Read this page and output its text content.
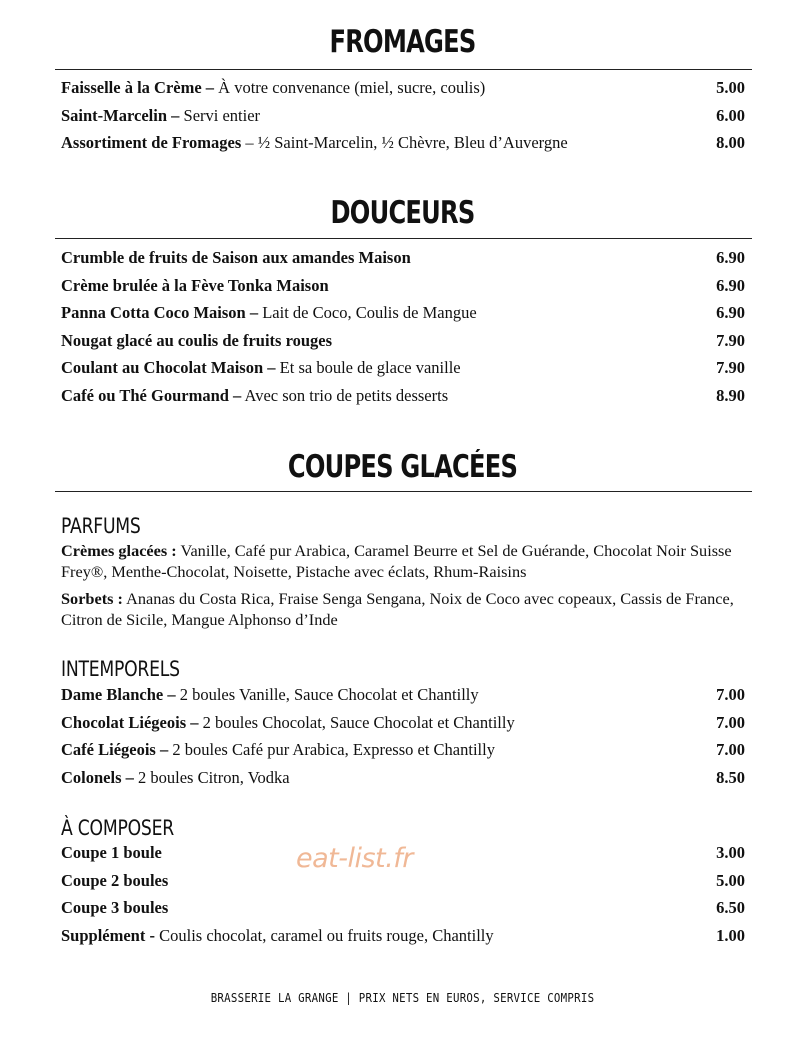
FROMAGES
Faisselle à la Crème – À votre convenance (miel, sucre, coulis)	5.00
Saint-Marcelin – Servi entier	6.00
Assortiment de Fromages – ½ Saint-Marcelin, ½ Chèvre, Bleu d’Auvergne	8.00
DOUCEURS
Crumble de fruits de Saison aux amandes Maison	6.90
Crème brulée à la Fève Tonka Maison	6.90
Panna Cotta Coco Maison – Lait de Coco, Coulis de Mangue	6.90
Nougat glacé au coulis de fruits rouges	7.90
Coulant au Chocolat Maison – Et sa boule de glace vanille	7.90
Café ou Thé Gourmand – Avec son trio de petits desserts	8.90
COUPES GLACÉES
PARFUMS

Crèmes glacées : Vanille, Café pur Arabica, Caramel Beurre et Sel de Guérande, Chocolat Noir Suisse Frey®, Menthe-Chocolat, Noisette, Pistache avec éclats, Rhum-Raisins

Sorbets : Ananas du Costa Rica, Fraise Senga Sengana, Noix de Coco avec copeaux, Cassis de France, Citron de Sicile, Mangue Alphonso d’Inde

INTEMPORELS
Dame Blanche – 2 boules Vanille, Sauce Chocolat et Chantilly	7.00
Chocolat Liégeois – 2 boules Chocolat, Sauce Chocolat et Chantilly	7.00
Café Liégeois – 2 boules Café pur Arabica, Expresso et Chantilly	7.00
Colonels – 2 boules Citron, Vodka	8.50
À COMPOSER
Coupe 1 boule	3.00
Coupe 2 boules	5.00
Coupe 3 boules	6.50
Supplément - Coulis chocolat, caramel ou fruits rouge, Chantilly	1.00
eat-list.fr
BRASSERIE LA GRANGE | PRIX NETS EN EUROS, SERVICE COMPRIS
